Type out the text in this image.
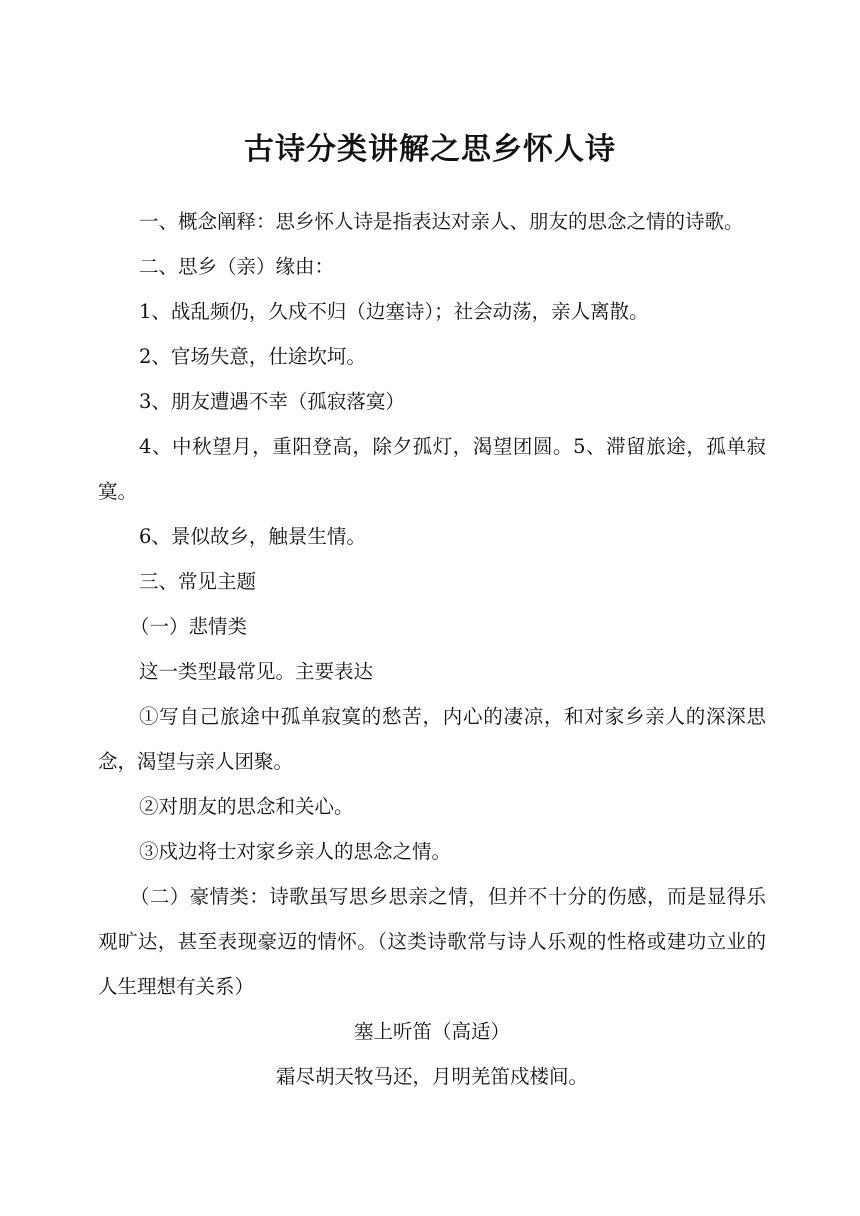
古诗分类讲解之思乡怀人诗

一、概念阐释：思乡怀人诗是指表达对亲人、朋友的思念之情的诗歌。

二、思乡（亲）缘由：

1、战乱频仍，久戍不归（边塞诗）；社会动荡，亲人离散。

2、官场失意，仕途坎坷。

3、朋友遭遇不幸（孤寂落寞）

4、中秋望月，重阳登高，除夕孤灯，渴望团圆。5、滞留旅途，孤单寂寞。

6、景似故乡，触景生情。

三、常见主题

（一）悲情类

这一类型最常见。主要表达

①写自己旅途中孤单寂寞的愁苦，内心的凄凉，和对家乡亲人的深深思念，渴望与亲人团聚。

②对朋友的思念和关心。

③戍边将士对家乡亲人的思念之情。

（二）豪情类：诗歌虽写思乡思亲之情，但并不十分的伤感，而是显得乐观旷达，甚至表现豪迈的情怀。（这类诗歌常与诗人乐观的性格或建功立业的人生理想有关系）

塞上听笛（高适）

霜尽胡天牧马还，月明羌笛戍楼间。
